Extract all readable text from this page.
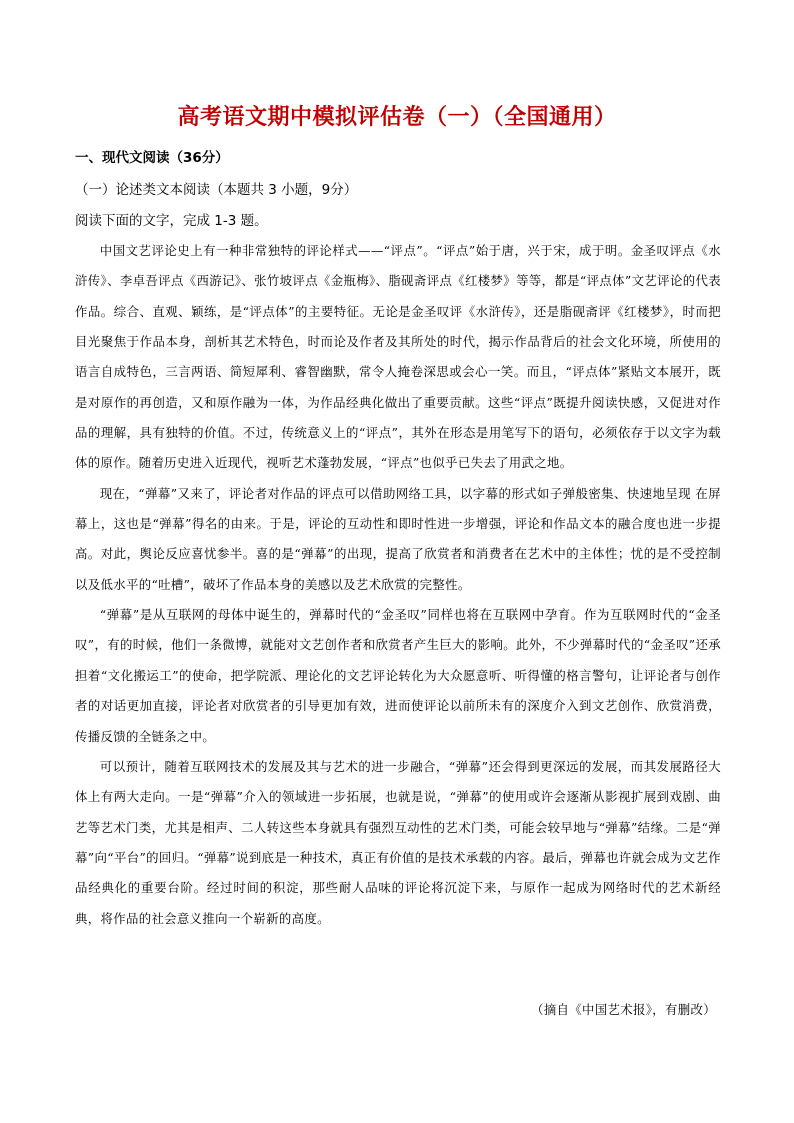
高考语文期中模拟评估卷（一）（全国通用）
一、现代文阅读（36分）
（一）论述类文本阅读（本题共 3 小题，9分）
阅读下面的文字，完成 1-3 题。

中国文艺评论史上有一种非常独特的评论样式——“评点”。“评点”始于唐，兴于宋，成于明。金圣叹评点《水浒传》、李卓吾评点《西游记》、张竹坡评点《金瓶梅》、脂砚斋评点《红楼梦》等等，都是“评点体”文艺评论的代表作品。综合、直观、颖练，是“评点体”的主要特征。无论是金圣叹评《水浒传》，还是脂砚斋评《红楼梦》，时而把目光聚焦于作品本身，剖析其艺术特色，时而论及作者及其所处的时代，揭示作品背后的社会文化环境，所使用的语言自成特色，三言两语、简短犀利、睿智幽默，常令人掩卷深思或会心一笑。而且，“评点体”紧贴文本展开，既是对原作的再创造，又和原作融为一体，为作品经典化做出了重要贡献。这些“评点”既提升阅读快感，又促进对作品的理解，具有独特的价值。不过，传统意义上的“评点”，其外在形态是用笔写下的语句，必须依存于以文字为载体的原作。随着历史进入近现代，视听艺术蓬勃发展，“评点”也似乎已失去了用武之地。

现在，“弹幕”又来了，评论者对作品的评点可以借助网络工具，以字幕的形式如子弹般密集、快速地呈现 在屏幕上，这也是“弹幕”得名的由来。于是，评论的互动性和即时性进一步增强，评论和作品文本的融合度也进一步提高。对此，舆论反应喜忧参半。喜的是“弹幕”的出现，提高了欣赏者和消费者在艺术中的主体性；忧的是不受控制以及低水平的“吐槽”，破坏了作品本身的美感以及艺术欣赏的完整性。

“弹幕”是从互联网的母体中诞生的，弹幕时代的“金圣叹”同样也将在互联网中孕育。作为互联网时代的“金圣叹”，有的时候，他们一条微博，就能对文艺创作者和欣赏者产生巨大的影响。此外，不少弹幕时代的“金圣叹”还承担着“文化搬运工”的使命，把学院派、理论化的文艺评论转化为大众愿意听、听得懂的格言警句，让评论者与创作者的对话更加直接，评论者对欣赏者的引导更加有效，进而使评论以前所未有的深度介入到文艺创作、欣赏消费，传播反馈的全链条之中。

可以预计，随着互联网技术的发展及其与艺术的进一步融合，“弹幕”还会得到更深远的发展，而其发展路径大体上有两大走向。一是“弹幕”介入的领域进一步拓展，也就是说，“弹幕”的使用或许会逐渐从影视扩展到戏剧、曲艺等艺术门类，尤其是相声、二人转这些本身就具有强烈互动性的艺术门类，可能会较早地与“弹幕”结缘。二是“弹幕”向“平台”的回归。“弹幕”说到底是一种技术，真正有价值的是技术承载的内容。最后，弹幕也许就会成为文艺作品经典化的重要台阶。经过时间的积淀，那些耐人品味的评论将沉淀下来，与原作一起成为网络时代的艺术新经典，将作品的社会意义推向一个崭新的高度。

（摘自《中国艺术报》，有删改）
